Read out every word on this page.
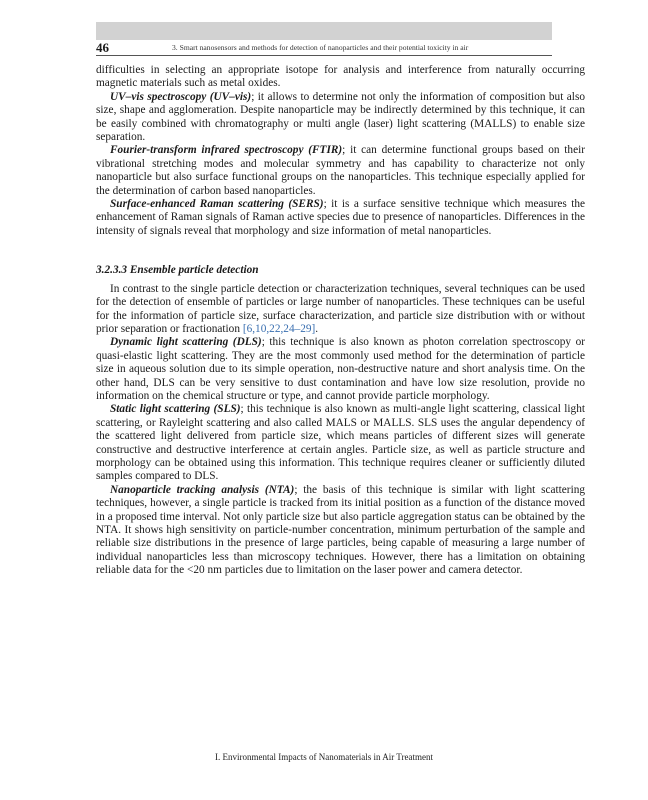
46	3. Smart nanosensors and methods for detection of nanoparticles and their potential toxicity in air

difficulties in selecting an appropriate isotope for analysis and interference from naturally occurring magnetic materials such as metal oxides.

UV–vis spectroscopy (UV–vis); it allows to determine not only the information of composition but also size, shape and agglomeration. Despite nanoparticle may be indirectly determined by this technique, it can be easily combined with chromatography or multi angle (laser) light scattering (MALLS) to enable size separation.

Fourier-transform infrared spectroscopy (FTIR); it can determine functional groups based on their vibrational stretching modes and molecular symmetry and has capability to characterize not only nanoparticle but also surface functional groups on the nanoparticles. This technique especially applied for the determination of carbon based nanoparticles.

Surface-enhanced Raman scattering (SERS); it is a surface sensitive technique which measures the enhancement of Raman signals of Raman active species due to presence of nanoparticles. Differences in the intensity of signals reveal that morphology and size information of metal nanoparticles.

3.2.3.3 Ensemble particle detection

In contrast to the single particle detection or characterization techniques, several techniques can be used for the detection of ensemble of particles or large number of nanoparticles. These techniques can be useful for the information of particle size, surface characterization, and particle size distribution with or without prior separation or fractionation [6,10,22,24–29].

Dynamic light scattering (DLS); this technique is also known as photon correlation spectroscopy or quasi-elastic light scattering. They are the most commonly used method for the determination of particle size in aqueous solution due to its simple operation, non-destructive nature and short analysis time. On the other hand, DLS can be very sensitive to dust contamination and have low size resolution, provide no information on the chemical structure or type, and cannot provide particle morphology.

Static light scattering (SLS); this technique is also known as multi-angle light scattering, classical light scattering, or Rayleight scattering and also called MALS or MALLS. SLS uses the angular dependency of the scattered light delivered from particle size, which means particles of different sizes will generate constructive and destructive interference at certain angles. Particle size, as well as particle structure and morphology can be obtained using this information. This technique requires cleaner or sufficiently diluted samples compared to DLS.

Nanoparticle tracking analysis (NTA); the basis of this technique is similar with light scattering techniques, however, a single particle is tracked from its initial position as a function of the distance moved in a proposed time interval. Not only particle size but also particle aggregation status can be obtained by the NTA. It shows high sensitivity on particle-number concentration, minimum perturbation of the sample and reliable size distributions in the presence of large particles, being capable of measuring a large number of individual nanoparticles less than microscopy techniques. However, there has a limitation on obtaining reliable data for the <20 nm particles due to limitation on the laser power and camera detector.

I. Environmental Impacts of Nanomaterials in Air Treatment
